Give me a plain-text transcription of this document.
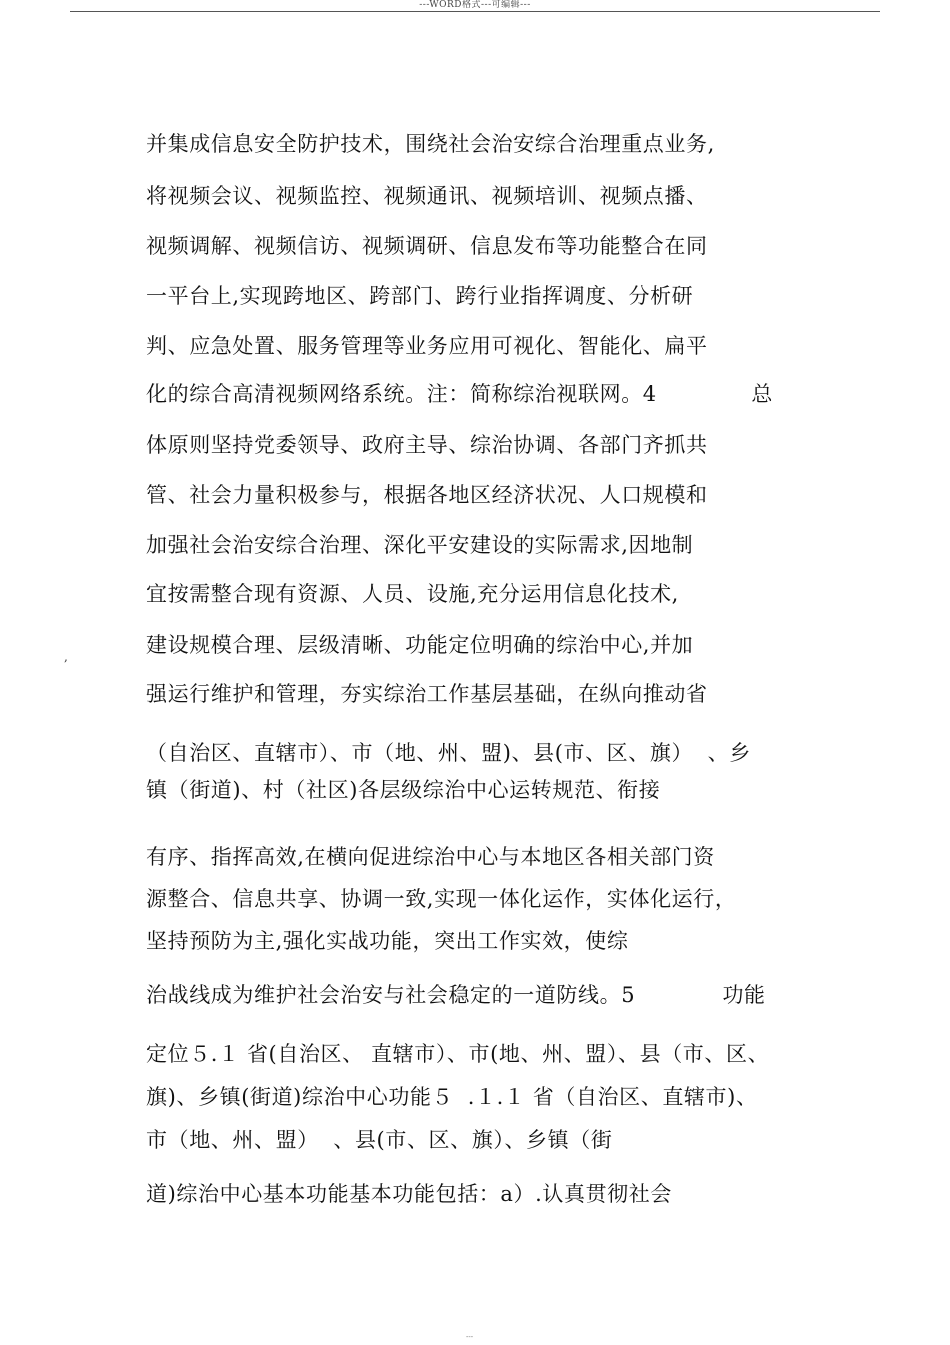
---WORD格式---可编辑---
并集成信息安全防护技术，围绕社会治安综合治理重点业务,
将视频会议、视频监控、视频通讯、视频培训、视频点播、
视频调解、视频信访、视频调研、信息发布等功能整合在同
一平台上,实现跨地区、跨部门、跨行业指挥调度、分析研
判、应急处置、服务管理等业务应用可视化、智能化、扁平
化的综合高清视频网络系统。注：简称综治视联网。4             总
体原则坚持党委领导、政府主导、综治协调、各部门齐抓共
管、社会力量积极参与，根据各地区经济状况、人口规模和
加强社会治安综合治理、深化平安建设的实际需求,因地制
宜按需整合现有资源、人员、设施,充分运用信息化技术,
建设规模合理、层级清晰、功能定位明确的综治中心,并加
强运行维护和管理，夯实综治工作基层基础，在纵向推动省
（自治区、直辖市）、市（地、州、盟)、县(市、区、旗）  、乡
镇（街道)、村（社区)各层级综治中心运转规范、衔接
有序、指挥高效,在横向促进综治中心与本地区各相关部门资
源整合、信息共享、协调一致,实现一体化运作，实体化运行，
坚持预防为主,强化实战功能，突出工作实效，使综
治战线成为维护社会治安与社会稳定的一道防线。5            功能
定位５.１ 省(自治区、 直辖市）、市(地、州、盟）、县（市、区、
旗)、乡镇(街道)综治中心功能５  .１.１ 省（自治区、直辖市)、
市（地、州、盟）  、县(市、区、旗）、乡镇（街
道)综治中心基本功能基本功能包括：a）.认真贯彻社会
,
---
